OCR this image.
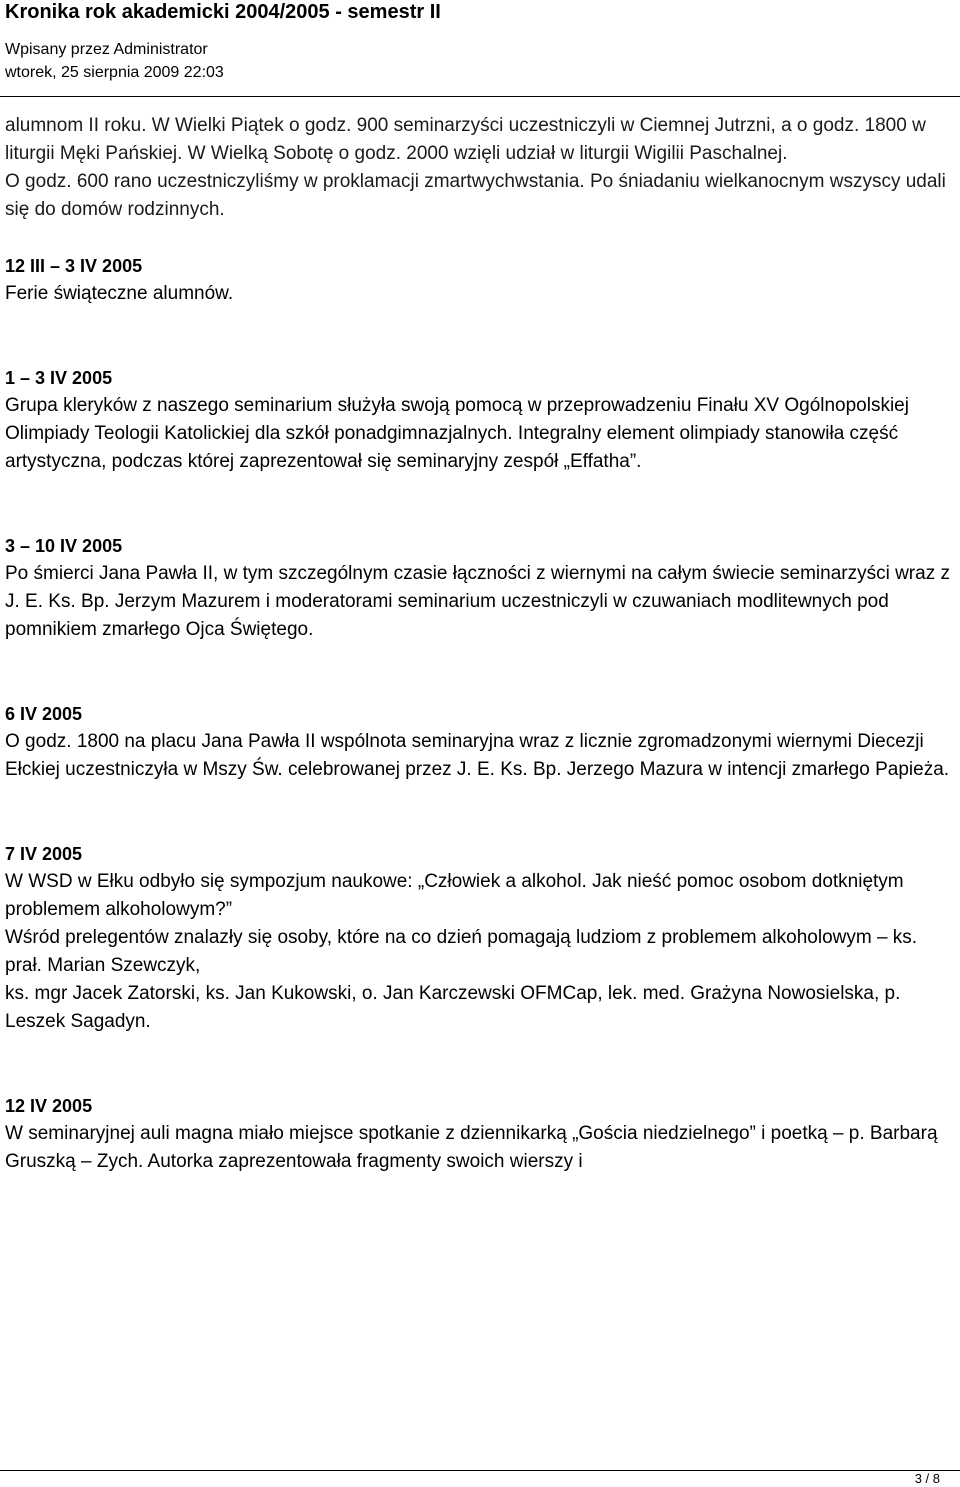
Kronika rok akademicki 2004/2005 - semestr II
Wpisany przez Administrator
wtorek, 25 sierpnia 2009 22:03

alumnom II roku. W Wielki Piątek o godz. 900 seminarzyści uczestniczyli w Ciemnej Jutrzni, a o godz. 1800 w liturgii Męki Pańskiej. W Wielką Sobotę o godz. 2000 wzięli udział w liturgii Wigilii Paschalnej.

O godz. 600 rano uczestniczyliśmy w proklamacji zmartwychwstania. Po śniadaniu wielkanocnym wszyscy udali się do domów rodzinnych.

12 III – 3 IV 2005

Ferie świąteczne alumnów.

1 – 3 IV 2005

Grupa kleryków z naszego seminarium służyła swoją pomocą w przeprowadzeniu Finału XV Ogólnopolskiej Olimpiady Teologii Katolickiej dla szkół ponadgimnazjalnych. Integralny element olimpiady stanowiła część artystyczna, podczas której zaprezentował się seminaryjny zespół „Effatha”.

3 – 10 IV 2005

Po śmierci Jana Pawła II, w tym szczególnym czasie łączności z wiernymi na całym świecie seminarzyści wraz z J. E. Ks. Bp. Jerzym Mazurem i moderatorami seminarium uczestniczyli w czuwaniach modlitewnych pod pomnikiem zmarłego Ojca Świętego.

6 IV 2005

O godz. 1800 na placu Jana Pawła II wspólnota seminaryjna wraz z licznie zgromadzonymi wiernymi Diecezji Ełckiej uczestniczyła w Mszy Św. celebrowanej przez J. E. Ks. Bp. Jerzego Mazura w intencji zmarłego Papieża.

7 IV 2005

W WSD w Ełku odbyło się sympozjum naukowe: „Człowiek a alkohol. Jak nieść pomoc osobom dotkniętym problemem alkoholowym?”

Wśród prelegentów znalazły się osoby, które na co dzień pomagają ludziom z problemem alkoholowym – ks. prał. Marian Szewczyk,

ks. mgr Jacek Zatorski, ks. Jan Kukowski, o. Jan Karczewski OFMCap, lek. med. Grażyna Nowosielska, p. Leszek Sagadyn.

12 IV 2005

W seminaryjnej auli magna miało miejsce spotkanie z dziennikarką „Gościa niedzielnego” i poetką – p. Barbarą Gruszką – Zych. Autorka zaprezentowała fragmenty swoich wierszy i

3 / 8
